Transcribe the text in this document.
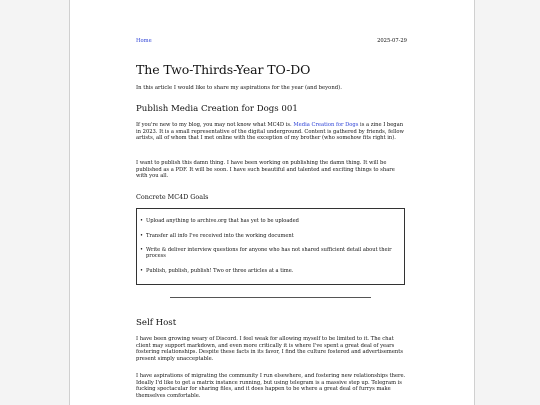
Home	2025-07-29
The Two-Thirds-Year TO-DO

In this article I would like to share my aspirations for the year (and beyond).

Publish Media Creation for Dogs 001

If you're new to my blog, you may not know what MC4D is. Media Creation for Dogs is a zine I began in 2023. It is a small representative of the digital underground. Content is gathered by friends, fellow artists, all of whom that I met online with the exception of my brother (who somehow fits right in).

I want to publish this damn thing. I have been working on publishing the damn thing. It will be published as a PDF. It will be soon. I have such beautiful and talented and exciting things to share with you all.

Concrete MC4D Goals
• Upload anything to archive.org that has yet to be uploaded
• Transfer all info I've received into the working document
• Write & deliver interview questions for anyone who has not shared sufficient detail about their process
• Publish, publish, publish! Two or three articles at a time.
Self Host

I have been growing weary of Discord. I feel weak for allowing myself to be limited to it. The chat client may support markdown, and even more critically it is where I've spent a great deal of years fostering relationships. Despite these facts in its favor, I find the culture fostered and advertisements present simply unacceptable.

I have aspirations of migrating the community I run elsewhere, and fostering new relationships there. Ideally I'd like to get a matrix instance running, but using telegram is a massive step up. Telegram is fucking spectacular for sharing files, and it does happen to be where a great deal of furrys make themselves comfortable.
